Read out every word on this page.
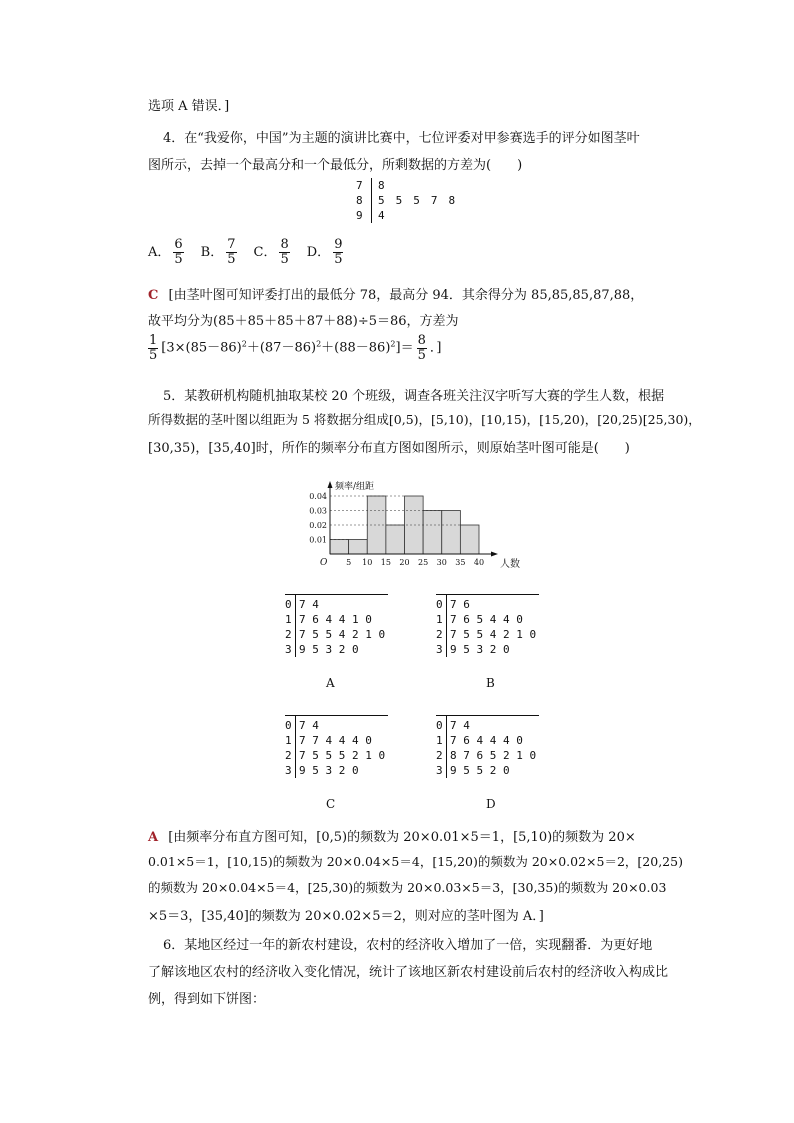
选项 A 错误．]
4．在“我爱你，中国”为主题的演讲比赛中，七位评委对甲参赛选手的评分如图茎叶
图所示，去掉一个最高分和一个最低分，所剩数据的方差为(　　)
7 8
8 5　5　5　7　8
9 4
A． $\frac{6}{5}$ B． $\frac{7}{5}$ C． $\frac{8}{5}$ D． $\frac{9}{5}$
C [由茎叶图可知评委打出的最低分 78，最高分 94．其余得分为 85,85,85,87,88，
故平均分为(85＋85＋85＋87＋88)÷5＝86，方差为
$\frac{1}{5} [3\times(85-86)^2+(87-86)^2+(88-86)^2]= \frac{8}{5}$ ．]
5．某教研机构随机抽取某校 20 个班级，调查各班关注汉字听写大赛的学生人数，根据
所得数据的茎叶图以组距为 5 将数据分组成[0,5)，[5,10)，[10,15)，[15,20)，[20,25)[25,30)，
[30,35)，[35,40]时，所作的频率分布直方图如图所示，则原始茎叶图可能是(　　)
0.01
0.02
0.03
0.04
频率/组距
人数
O 5 10 15 20 25 30 35 40
0 7 4
1 7 6 4 4 1 0
2 7 5 5 4 2 1 0
3 9 5 3 2 0
A
0 7 6
1 7 6 5 4 4 0
2 7 5 5 4 2 1 0
3 9 5 3 2 0
B
0 7 4
1 7 7 4 4 4 0
2 7 5 5 5 2 1 0
3 9 5 3 2 0
C
0 7 4
1 7 6 4 4 4 0
2 8 7 6 5 2 1 0
3 9 5 5 2 0
D
A [由频率分布直方图可知，[0,5)的频数为 20×0.01×5＝1，[5,10)的频数为 20×
0.01×5＝1，[10,15)的频数为 20×0.04×5＝4，[15,20)的频数为 20×0.02×5＝2，[20,25)
的频数为 20×0.04×5＝4，[25,30)的频数为 20×0.03×5＝3，[30,35)的频数为 20×0.03
×5＝3，[35,40]的频数为 20×0.02×5＝2，则对应的茎叶图为 A．]
6．某地区经过一年的新农村建设，农村的经济收入增加了一倍，实现翻番．为更好地
了解该地区农村的经济收入变化情况，统计了该地区新农村建设前后农村的经济收入构成比
例，得到如下饼图：
